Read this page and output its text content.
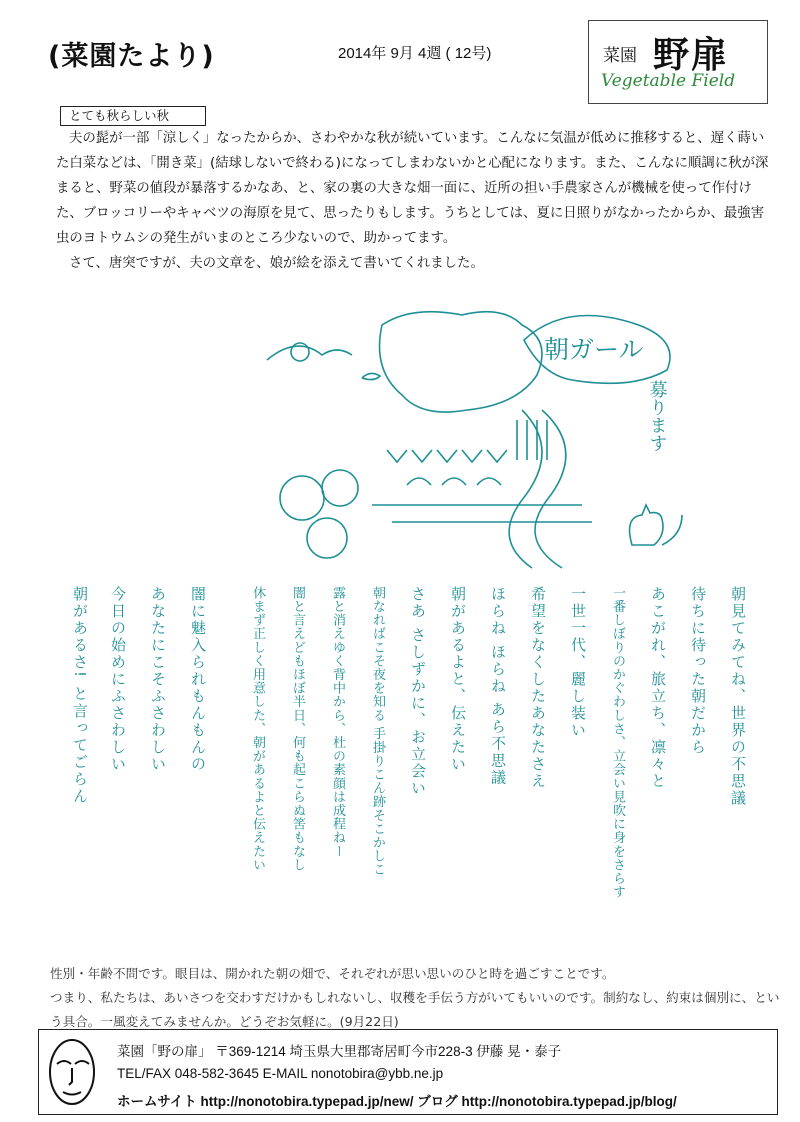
(菜園たより)	2014年 9月 4週 ( 12号)	菜園 野扉
Vegetable Field
とても秋らしい秋

夫の髭が一部「涼しく」なったからか、さわやかな秋が続いています。こんなに気温が低めに推移すると、遅く蒔いた白菜などは、「開き菜」(結球しないで終わる)になってしまわないかと心配になります。また、こんなに順調に秋が深まると、野菜の値段が暴落するかなあ、と、家の裏の大きな畑一面に、近所の担い手農家さんが機械を使って作付けた、ブロッコリーやキャベツの海原を見て、思ったりもします。うちとしては、夏に日照りがなかったからか、最強害虫のヨトウムシの発生がいまのところ少ないので、助かってます。

さて、唐突ですが、夫の文章を、娘が絵を添えて書いてくれました。

朝ガール
募ります
朝見てみてね、世界の不思議
待ちに待った朝だから
あこがれ、旅立ち、凛々と
一番しぼりのかぐわしさ、立会い見吹に身をさらす
一世一代、麗し装い
希望をなくしたあなたさえ
ほらね ほらね あら不思議
朝があるよと、伝えたい
さあ さしずかに、お立会い
朝なればこそ夜を知る 手掛りこん跡そこかしこ
露と消えゆく背中から、杜の素顔は成程ねー
闇と言えどもほぼ半日、何も起こらぬ筈もなし
休まず正しく用意した、朝があるよと伝えたい
闇に魅入られもんもんの
あなたにこそふさわしい
今日の始めにふさわしい
朝があるさ! と言ってごらん

性別・年齢不問です。眼目は、開かれた朝の畑で、それぞれが思い思いのひと時を過ごすことです。

つまり、私たちは、あいさつを交わすだけかもしれないし、収穫を手伝う方がいてもいいのです。制約なし、約束は個別に、という具合。一風変えてみませんか。どうぞお気軽に。(9月22日)

菜園「野の扉」 〒369-1214 埼玉県大里郡寄居町今市228-3 伊藤 晃・泰子
TEL/FAX 048-582-3645 E-MAIL nonotobira@ybb.ne.jp
ホームサイト http://nonotobira.typepad.jp/new/ ブログ http://nonotobira.typepad.jp/blog/
